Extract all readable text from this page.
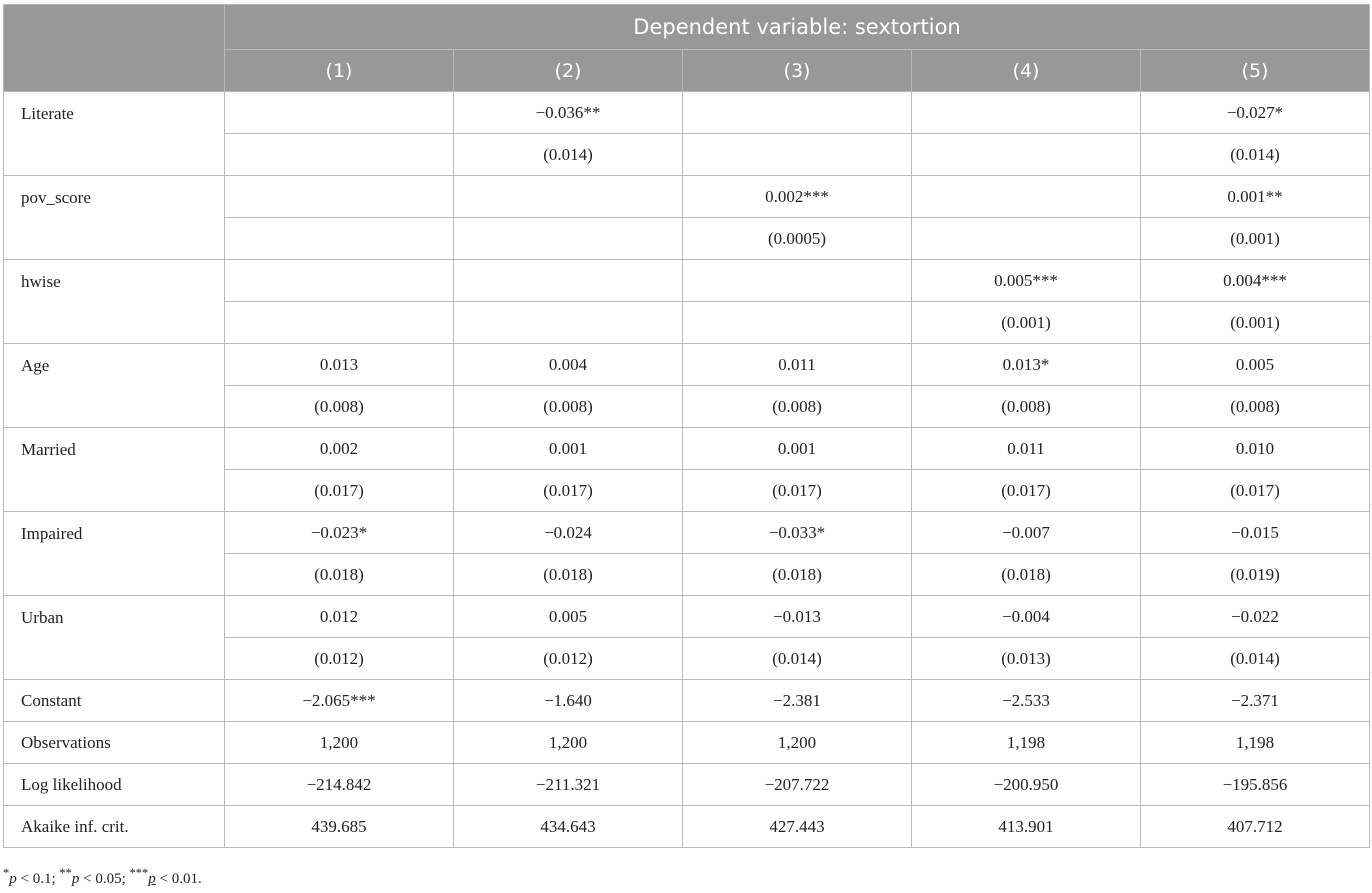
	Dependent variable: sextortion				
	(1)	(2)	(3)	(4)	(5)
Literate		−0.036**			−0.027*
		(0.014)			(0.014)
pov_score			0.002***		0.001**
			(0.0005)		(0.001)
hwise				0.005***	0.004***
				(0.001)	(0.001)
Age	0.013	0.004	0.011	0.013*	0.005
	(0.008)	(0.008)	(0.008)	(0.008)	(0.008)
Married	0.002	0.001	0.001	0.011	0.010
	(0.017)	(0.017)	(0.017)	(0.017)	(0.017)
Impaired	−0.023*	−0.024	−0.033*	−0.007	−0.015
	(0.018)	(0.018)	(0.018)	(0.018)	(0.019)
Urban	0.012	0.005	−0.013	−0.004	−0.022
	(0.012)	(0.012)	(0.014)	(0.013)	(0.014)
Constant	−2.065***	−1.640	−2.381	−2.533	−2.371
Observations	1,200	1,200	1,200	1,198	1,198
Log likelihood	−214.842	−211.321	−207.722	−200.950	−195.856
Akaike inf. crit.	439.685	434.643	427.443	413.901	407.712
*p < 0.1; **p < 0.05; ***p < 0.01.
